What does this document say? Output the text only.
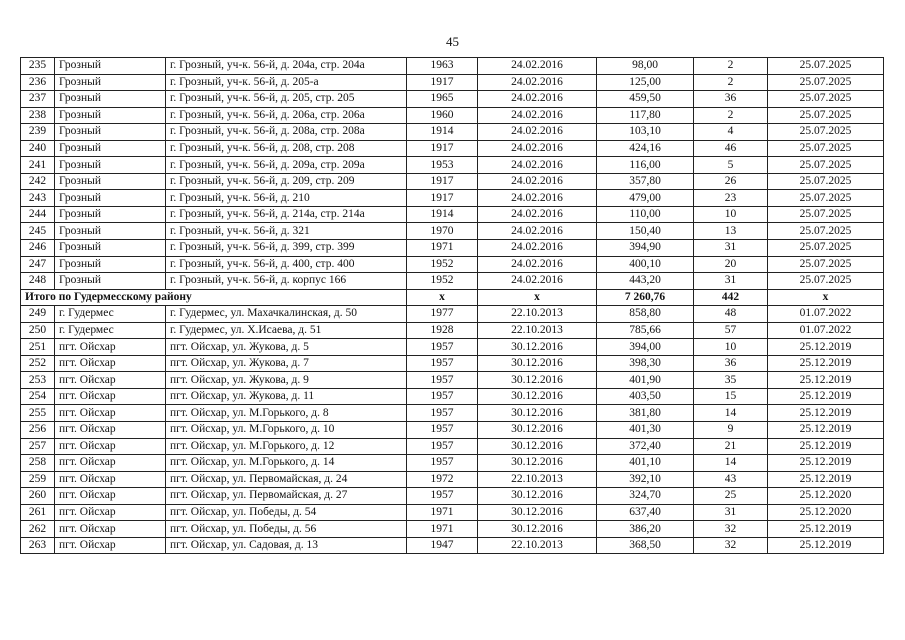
45
235	Грозный	г. Грозный, уч-к. 56-й, д. 204а, стр. 204а	1963	24.02.2016	98,00	2	25.07.2025
236	Грозный	г. Грозный, уч-к. 56-й, д. 205-а	1917	24.02.2016	125,00	2	25.07.2025
237	Грозный	г. Грозный, уч-к. 56-й, д. 205, стр. 205	1965	24.02.2016	459,50	36	25.07.2025
238	Грозный	г. Грозный, уч-к. 56-й, д. 206а, стр. 206а	1960	24.02.2016	117,80	2	25.07.2025
239	Грозный	г. Грозный, уч-к. 56-й, д. 208а, стр. 208а	1914	24.02.2016	103,10	4	25.07.2025
240	Грозный	г. Грозный, уч-к. 56-й, д. 208, стр. 208	1917	24.02.2016	424,16	46	25.07.2025
241	Грозный	г. Грозный, уч-к. 56-й, д. 209а, стр. 209а	1953	24.02.2016	116,00	5	25.07.2025
242	Грозный	г. Грозный, уч-к. 56-й, д. 209, стр. 209	1917	24.02.2016	357,80	26	25.07.2025
243	Грозный	г. Грозный, уч-к. 56-й, д. 210	1917	24.02.2016	479,00	23	25.07.2025
244	Грозный	г. Грозный, уч-к. 56-й, д. 214а, стр. 214а	1914	24.02.2016	110,00	10	25.07.2025
245	Грозный	г. Грозный, уч-к. 56-й, д. 321	1970	24.02.2016	150,40	13	25.07.2025
246	Грозный	г. Грозный, уч-к. 56-й, д. 399, стр. 399	1971	24.02.2016	394,90	31	25.07.2025
247	Грозный	г. Грозный, уч-к. 56-й, д. 400, стр. 400	1952	24.02.2016	400,10	20	25.07.2025
248	Грозный	г. Грозный, уч-к. 56-й, д. корпус 166	1952	24.02.2016	443,20	31	25.07.2025
Итого по Гудермесскому району			х	х	7 260,76	442	х
249	г. Гудермес	г. Гудермес, ул. Махачкалинская, д. 50	1977	22.10.2013	858,80	48	01.07.2022
250	г. Гудермес	г. Гудермес, ул. Х.Исаева, д. 51	1928	22.10.2013	785,66	57	01.07.2022
251	пгт. Ойсхар	пгт. Ойсхар, ул. Жукова, д. 5	1957	30.12.2016	394,00	10	25.12.2019
252	пгт. Ойсхар	пгт. Ойсхар, ул. Жукова, д. 7	1957	30.12.2016	398,30	36	25.12.2019
253	пгт. Ойсхар	пгт. Ойсхар, ул. Жукова, д. 9	1957	30.12.2016	401,90	35	25.12.2019
254	пгт. Ойсхар	пгт. Ойсхар, ул. Жукова, д. 11	1957	30.12.2016	403,50	15	25.12.2019
255	пгт. Ойсхар	пгт. Ойсхар, ул. М.Горького, д. 8	1957	30.12.2016	381,80	14	25.12.2019
256	пгт. Ойсхар	пгт. Ойсхар, ул. М.Горького, д. 10	1957	30.12.2016	401,30	9	25.12.2019
257	пгт. Ойсхар	пгт. Ойсхар, ул. М.Горького, д. 12	1957	30.12.2016	372,40	21	25.12.2019
258	пгт. Ойсхар	пгт. Ойсхар, ул. М.Горького, д. 14	1957	30.12.2016	401,10	14	25.12.2019
259	пгт. Ойсхар	пгт. Ойсхар, ул. Первомайская, д. 24	1972	22.10.2013	392,10	43	25.12.2019
260	пгт. Ойсхар	пгт. Ойсхар, ул. Первомайская, д. 27	1957	30.12.2016	324,70	25	25.12.2020
261	пгт. Ойсхар	пгт. Ойсхар, ул. Победы, д. 54	1971	30.12.2016	637,40	31	25.12.2020
262	пгт. Ойсхар	пгт. Ойсхар, ул. Победы, д. 56	1971	30.12.2016	386,20	32	25.12.2019
263	пгт. Ойсхар	пгт. Ойсхар, ул. Садовая, д. 13	1947	22.10.2013	368,50	32	25.12.2019
